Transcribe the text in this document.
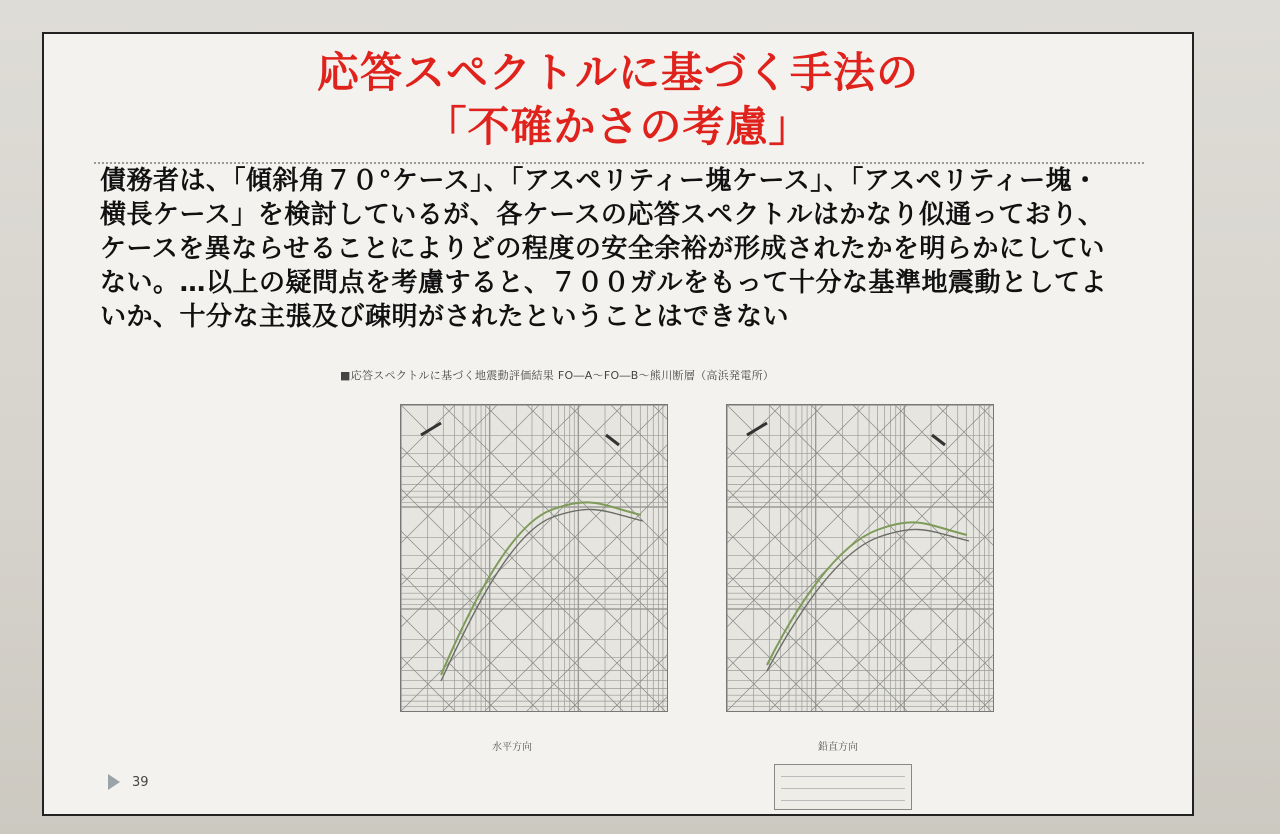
応答スペクトルに基づく手法の
「不確かさの考慮」

債務者は、「傾斜角７０°ケース」、「アスペリティー塊ケース」、「アスペリティー塊・横長ケース」を検討しているが、各ケースの応答スペクトルはかなり似通っており、ケースを異ならせることによりどの程度の安全余裕が形成されたかを明らかにしていない。…以上の疑問点を考慮すると、７００ガルをもって十分な基準地震動としてよいか、十分な主張及び疎明がされたということはできない

■応答スペクトルに基づく地震動評価結果 FO―A～FO―B～熊川断層（高浜発電所）

水平方向	鉛直方向
39
